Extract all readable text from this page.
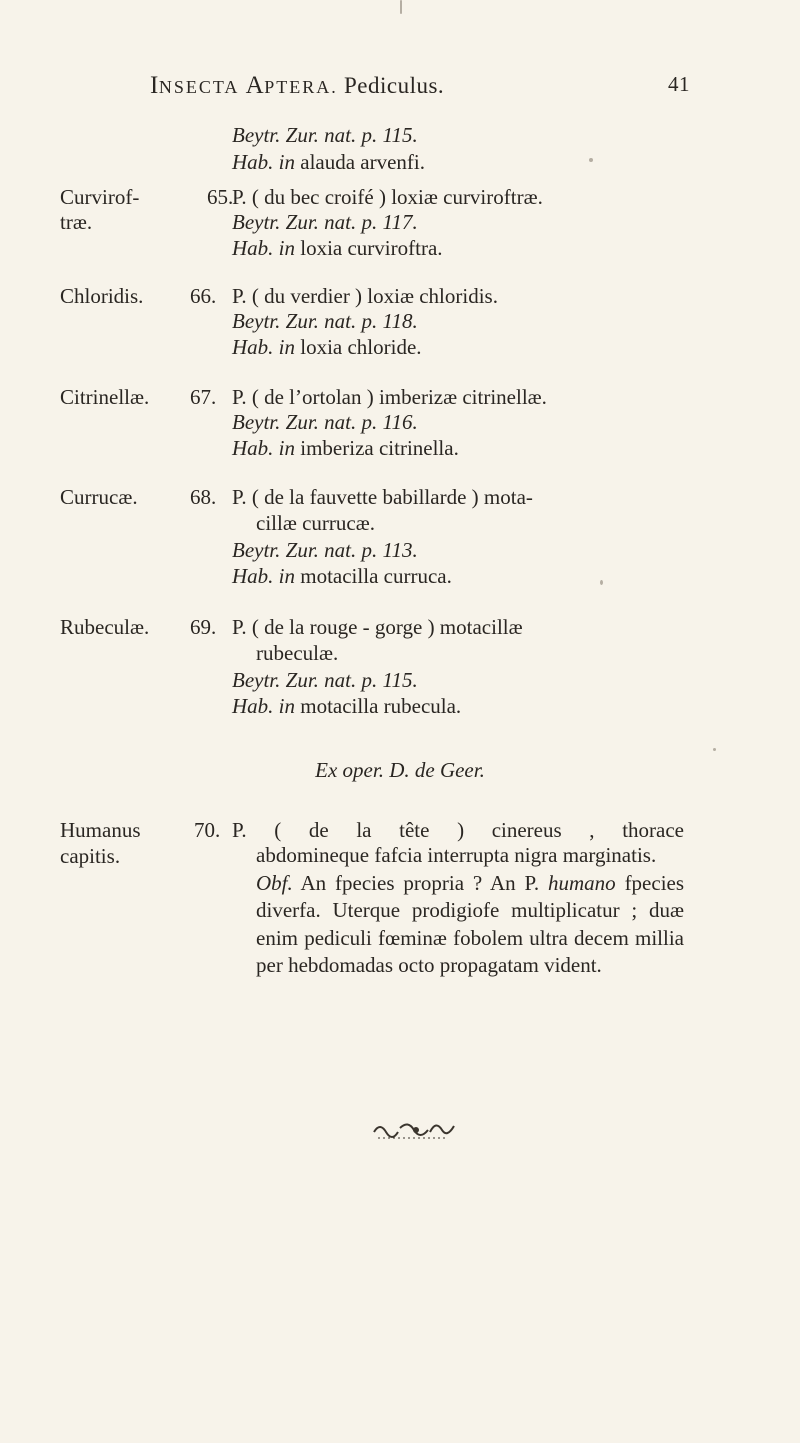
INSECTA APTERA. Pediculus.	41
Beytr. Zur. nat. p. 115.
Hab. in alauda arvenfi.
Curvirof-	65.
træ.
P. ( du bec croifé ) loxiæ curviroftræ.
Beytr. Zur. nat. p. 117.
Hab. in loxia curviroftra.
Chloridis. 66. P. ( du verdier ) loxiæ chloridis.
Beytr. Zur. nat. p. 118.
Hab. in loxia chloride.
Citrinellæ. 67. P. ( de l’ortolan ) imberizæ citrinellæ.
Beytr. Zur. nat. p. 116.
Hab. in imberiza citrinella.
Currucæ. 68. P. ( de la fauvette babillarde ) mota-
cillæ currucæ.
Beytr. Zur. nat. p. 113.
Hab. in motacilla curruca.
Rubeculæ. 69. P. ( de la rouge - gorge ) motacillæ
rubeculæ.
Beytr. Zur. nat. p. 115.
Hab. in motacilla rubecula.
Ex oper. D. de Geer.
Humanus
capitis.
70. P. ( de la tête ) cinereus , thorace
abdomineque fafcia interrupta nigra marginatis.
Obf. An fpecies propria ? An P. humano fpecies diverfa. Uterque prodigiofe multiplicatur ; duæ enim pediculi fœminæ fobolem ultra decem millia per hebdomadas octo propagatam vident.
